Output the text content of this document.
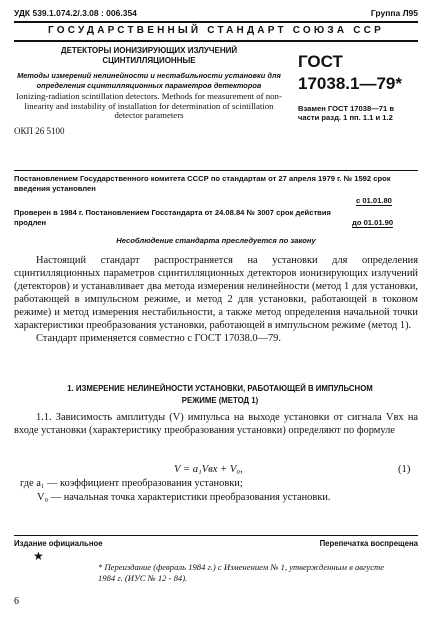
УДК 539.1.074.2/.3.08 : 006.354	Группа Л95
ГОСУДАРСТВЕННЫЙ СТАНДАРТ СОЮЗА ССР
ДЕТЕКТОРЫ ИОНИЗИРУЮЩИХ ИЗЛУЧЕНИЙ СЦИНТИЛЛЯЦИОННЫЕ
Методы измерений нелинейности и нестабильности установки для определения сцинтилляционных параметров детекторов
Ionizing-radiation scintillation detectors. Methods for measurement of non-linearity and instability of installation for determination of scintillation detector parameters
ОКП 26 5100
ГОСТ
17038.1—79*
Взамен ГОСТ 17038—71 в части разд. 1 пп. 1.1 и 1.2
Постановлением Государственного комитета СССР по стандартам от 27 апреля 1979 г. № 1592 срок введения установлен
с 01.01.80
Проверен в 1984 г. Постановлением Госстандарта от 24.08.84 № 3007 срок действия продлен	до 01.01.90
Несоблюдение стандарта преследуется по закону

Настоящий стандарт распространяется на установки для определения сцинтилляционных параметров сцинтилляционных детекторов ионизирующих излучений (детекторов) и устанавливает два метода измерения нелинейности (метод 1 для установки, работающей в импульсном режиме, и метод 2 для установки, работающей в токовом режиме) и метод измерения нестабильности, а также метод определения начальной точки характеристики преобразования установки, работающей в импульсном режиме (метод 1).

Стандарт применяется совместно с ГОСТ 17038.0—79.

1. ИЗМЕРЕНИЕ НЕЛИНЕЙНОСТИ УСТАНОВКИ, РАБОТАЮЩЕЙ В ИМПУЛЬСНОМ РЕЖИМЕ (МЕТОД 1)

1.1. Зависимость амплитуды (V) импульса на выходе установки от сигнала Vвх на входе установки (характеристику преобразования установки) определяют по формуле

V = a₁Vвх + V₀,	(1)
где a₁ — коэффициент преобразования установки;
V₀ — начальная точка характеристики преобразования установки.
Издание официальное	Перепечатка воспрещена
★
* Переиздание (февраль 1984 г.) с Изменением № 1, утвержденным в августе 1984 г. (ИУС № 12 - 84).
6
